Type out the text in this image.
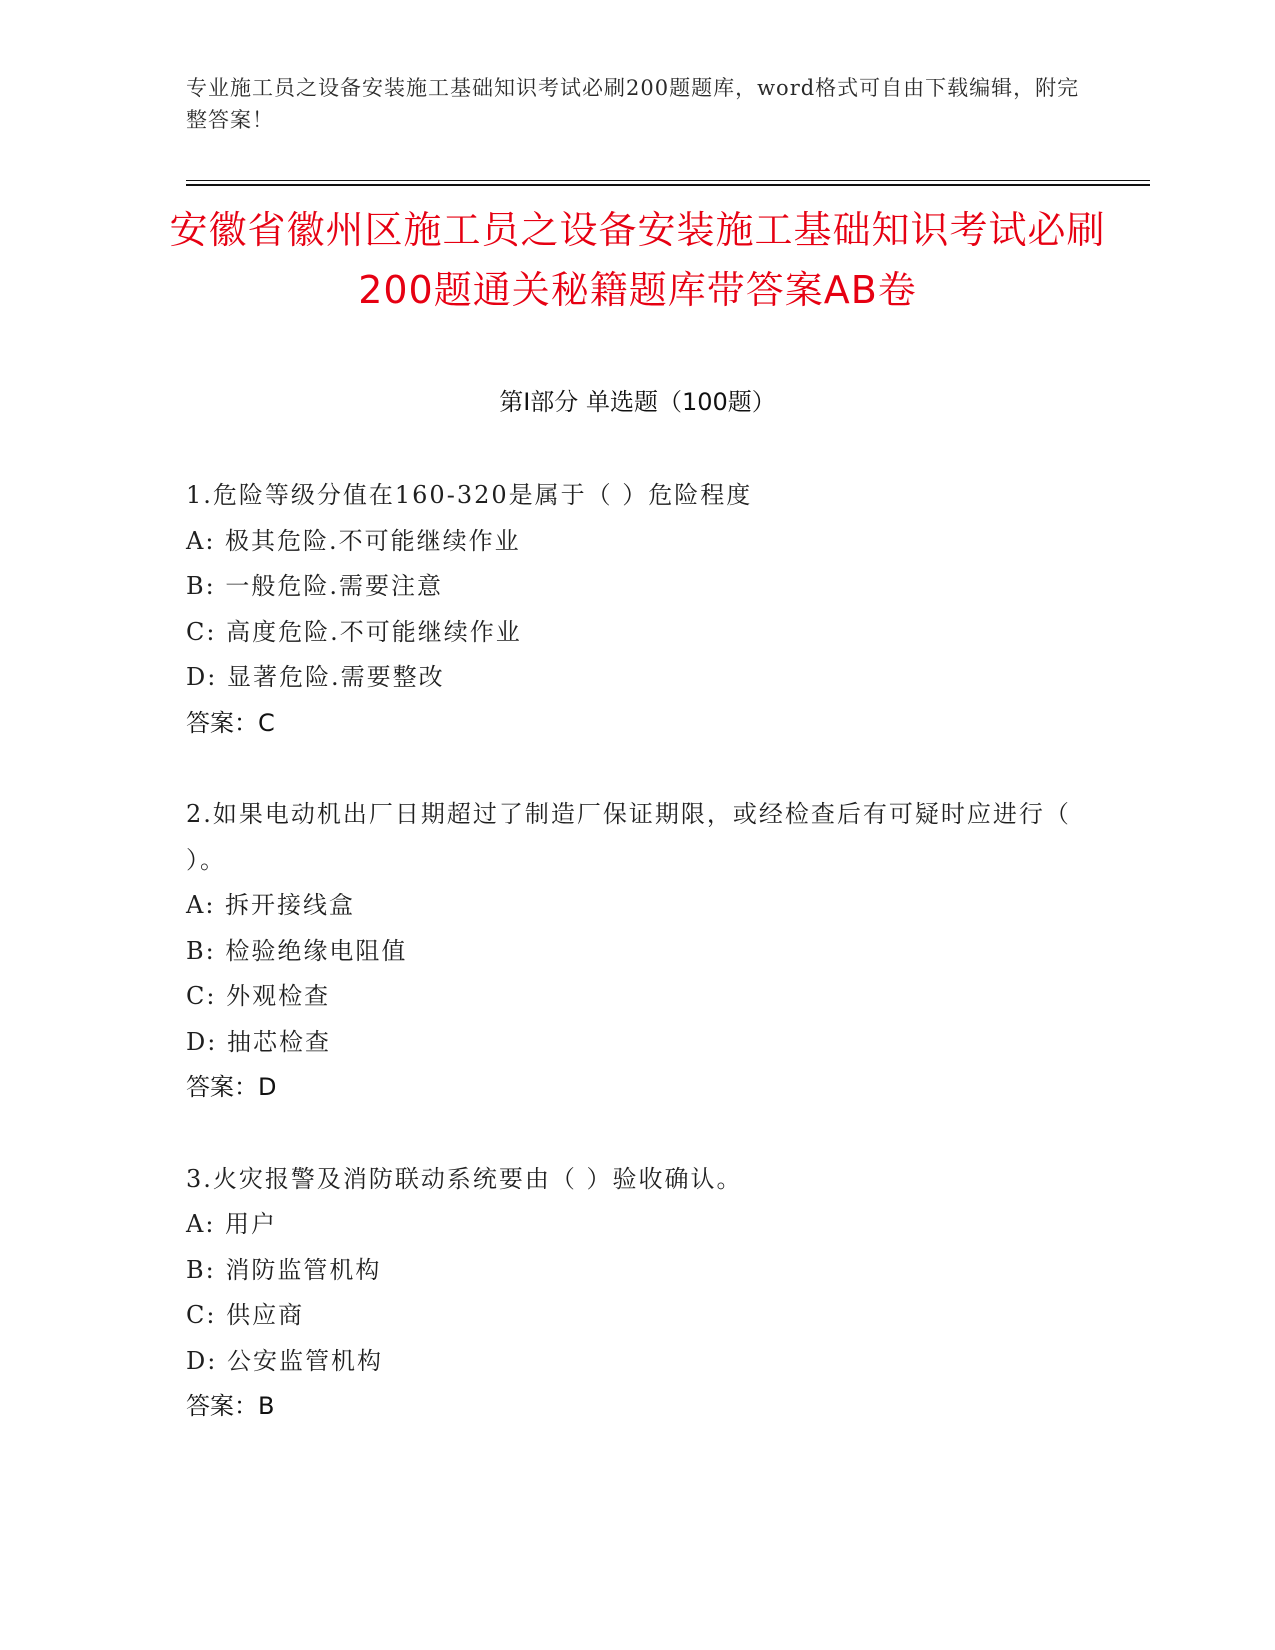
专业施工员之设备安装施工基础知识考试必刷200题题库，word格式可自由下载编辑，附完整答案！
安徽省徽州区施工员之设备安装施工基础知识考试必刷200题通关秘籍题库带答案AB卷
第Ⅰ部分 单选题（100题）
1.危险等级分值在160-320是属于（ ）危险程度
A: 极其危险.不可能继续作业
B: 一般危险.需要注意
C: 高度危险.不可能继续作业
D: 显著危险.需要整改
答案：C
2.如果电动机出厂日期超过了制造厂保证期限，或经检查后有可疑时应进行（ ）。
A: 拆开接线盒
B: 检验绝缘电阻值
C: 外观检查
D: 抽芯检查
答案：D
3.火灾报警及消防联动系统要由（ ）验收确认。
A: 用户
B: 消防监管机构
C: 供应商
D: 公安监管机构
答案：B
